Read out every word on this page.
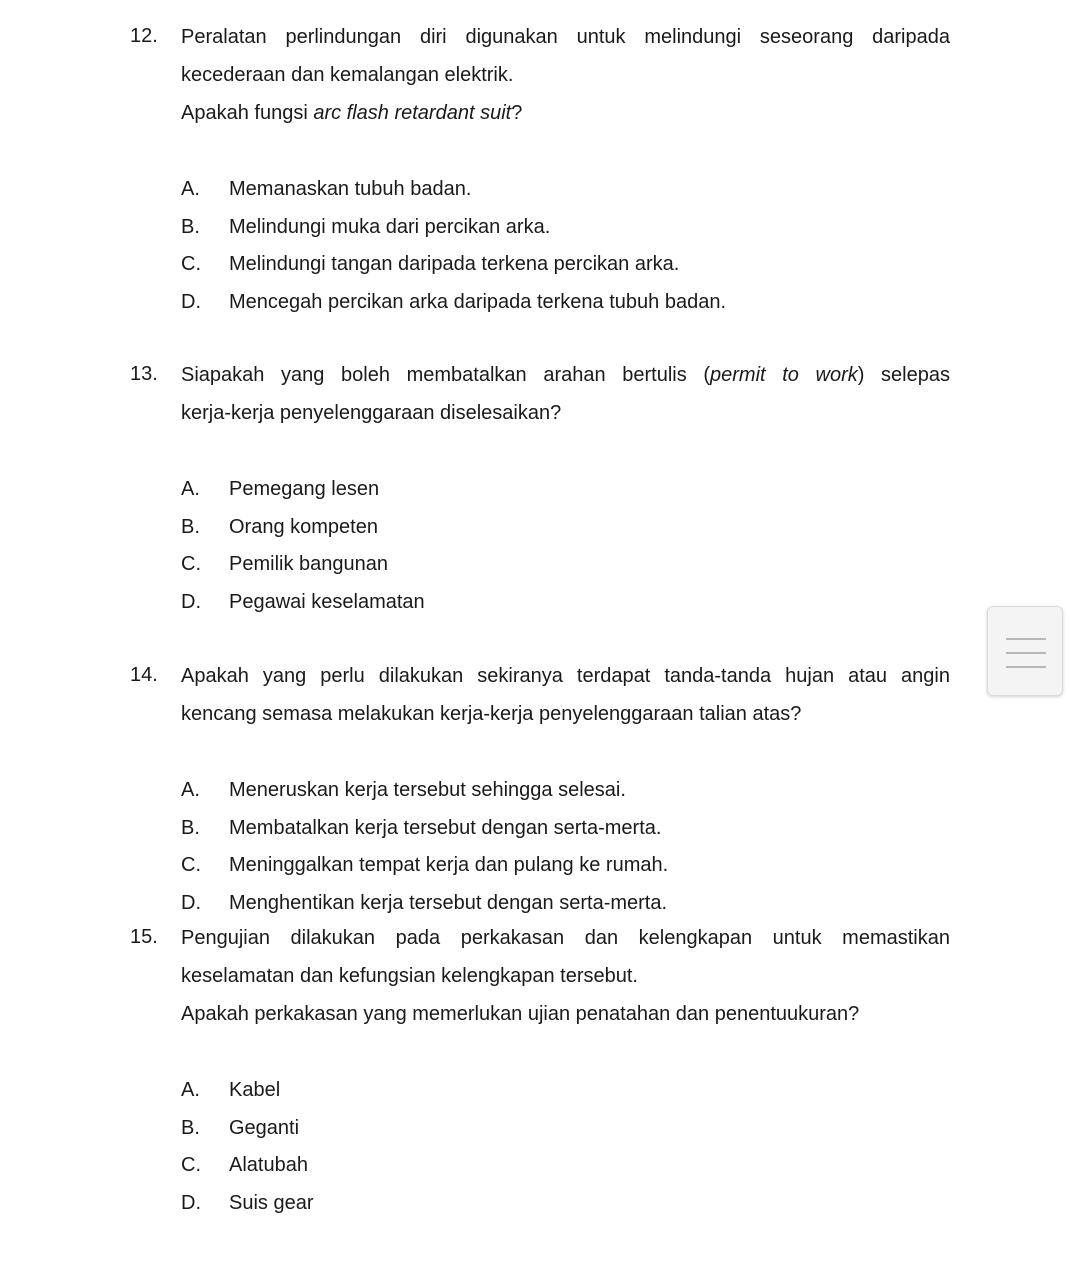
12.	Peralatan perlindungan diri digunakan untuk melindungi seseorang daripada
kecederaan dan kemalangan elektrik.
Apakah fungsi arc flash retardant suit?
A. Memanaskan tubuh badan.
B. Melindungi muka dari percikan arka.
C. Melindungi tangan daripada terkena percikan arka.
D. Mencegah percikan arka daripada terkena tubuh badan.
13.	Siapakah yang boleh membatalkan arahan bertulis (permit to work) selepas
kerja-kerja penyelenggaraan diselesaikan?
A. Pemegang lesen
B. Orang kompeten
C. Pemilik bangunan
D. Pegawai keselamatan
14.	Apakah yang perlu dilakukan sekiranya terdapat tanda-tanda hujan atau angin
kencang semasa melakukan kerja-kerja penyelenggaraan talian atas?
A. Meneruskan kerja tersebut sehingga selesai.
B. Membatalkan kerja tersebut dengan serta-merta.
C. Meninggalkan tempat kerja dan pulang ke rumah.
D. Menghentikan kerja tersebut dengan serta-merta.
15.	Pengujian dilakukan pada perkakasan dan kelengkapan untuk memastikan
keselamatan dan kefungsian kelengkapan tersebut.
Apakah perkakasan yang memerlukan ujian penatahan dan penentuukuran?
A. Kabel
B. Geganti
C. Alatubah
D. Suis gear
